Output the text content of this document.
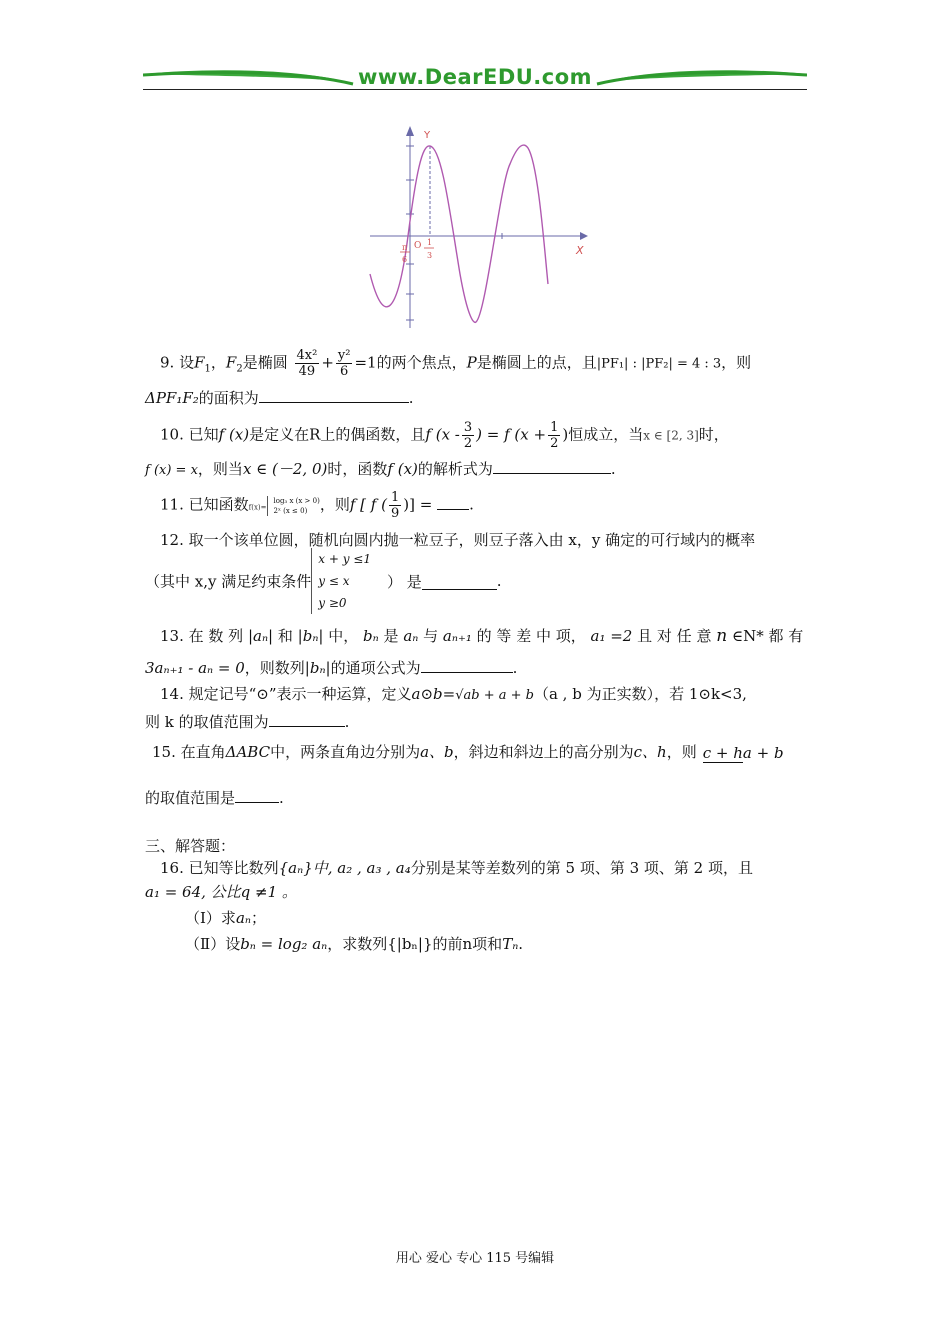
www.DearEDU.com
Y
X
π
6
O 1
3
9. 设$F_1$，$F_2$是椭圆 $\frac{\text{4x²}}{49} + \frac{\text{y²}}{6} =1$的两个焦点，P是椭圆上的点，且|PF₁| : |PF₂| = 4 : 3，则
ΔPF₁F₂的面积为	.
10. 已知f (x)是定义在R上的偶函数，且f ($x - \frac{3}{2}$ ) = f ($x + \frac{1}{2}$ )恒成立，当x ∈ [2, 3]时，
f (x) = x，则当x ∈ (－2, 0)时，函数f (x)的解析式为	.
11. 已知函数f(x)=
log₃ x (x > 0)
2ˣ (x ≤ 0) ，则f [ f ( $\frac{1}{9}$ )] = .
12. 取一个该单位圆，随机向圆内抛一粒豆子，则豆子落入由 x，y 确定的可行域内的概率
（其中 x,y 满足约束条件
x + y ≤1
y ≤ x
y ≥0
） 是	.
13. 在 数 列 |aₙ| 和 |bₙ| 中， bₙ 是 aₙ 与 aₙ₊₁ 的 等 差 中 项， a₁ =2 且 对 任 意 n ∈N* 都 有
3aₙ₊₁ - aₙ = 0，则数列|bₙ|的通项公式为	.
14. 规定记号“⊙”表示一种运算，定义a⊙b=√ab + a + b（a , b 为正实数），若 1⊙k<3,
则 k 的取值范围为	.
15. 在直角ΔABC中，两条直角边分别为a、b，斜边和斜边上的高分别为c、h，则 c + ha + b
的取值范围是	.
三、解答题：
16. 已知等比数列{aₙ}中, a₂ , a₃ , a₄分别是某等差数列的第 5 项、第 3 项、第 2 项，且
a₁ = 64, 公比q ≠1 。
（Ⅰ）求aₙ；
（Ⅱ）设bₙ = log₂ aₙ，求数列{|bₙ|}的前n项和Tₙ.
用心 爱心 专心 115 号编辑
